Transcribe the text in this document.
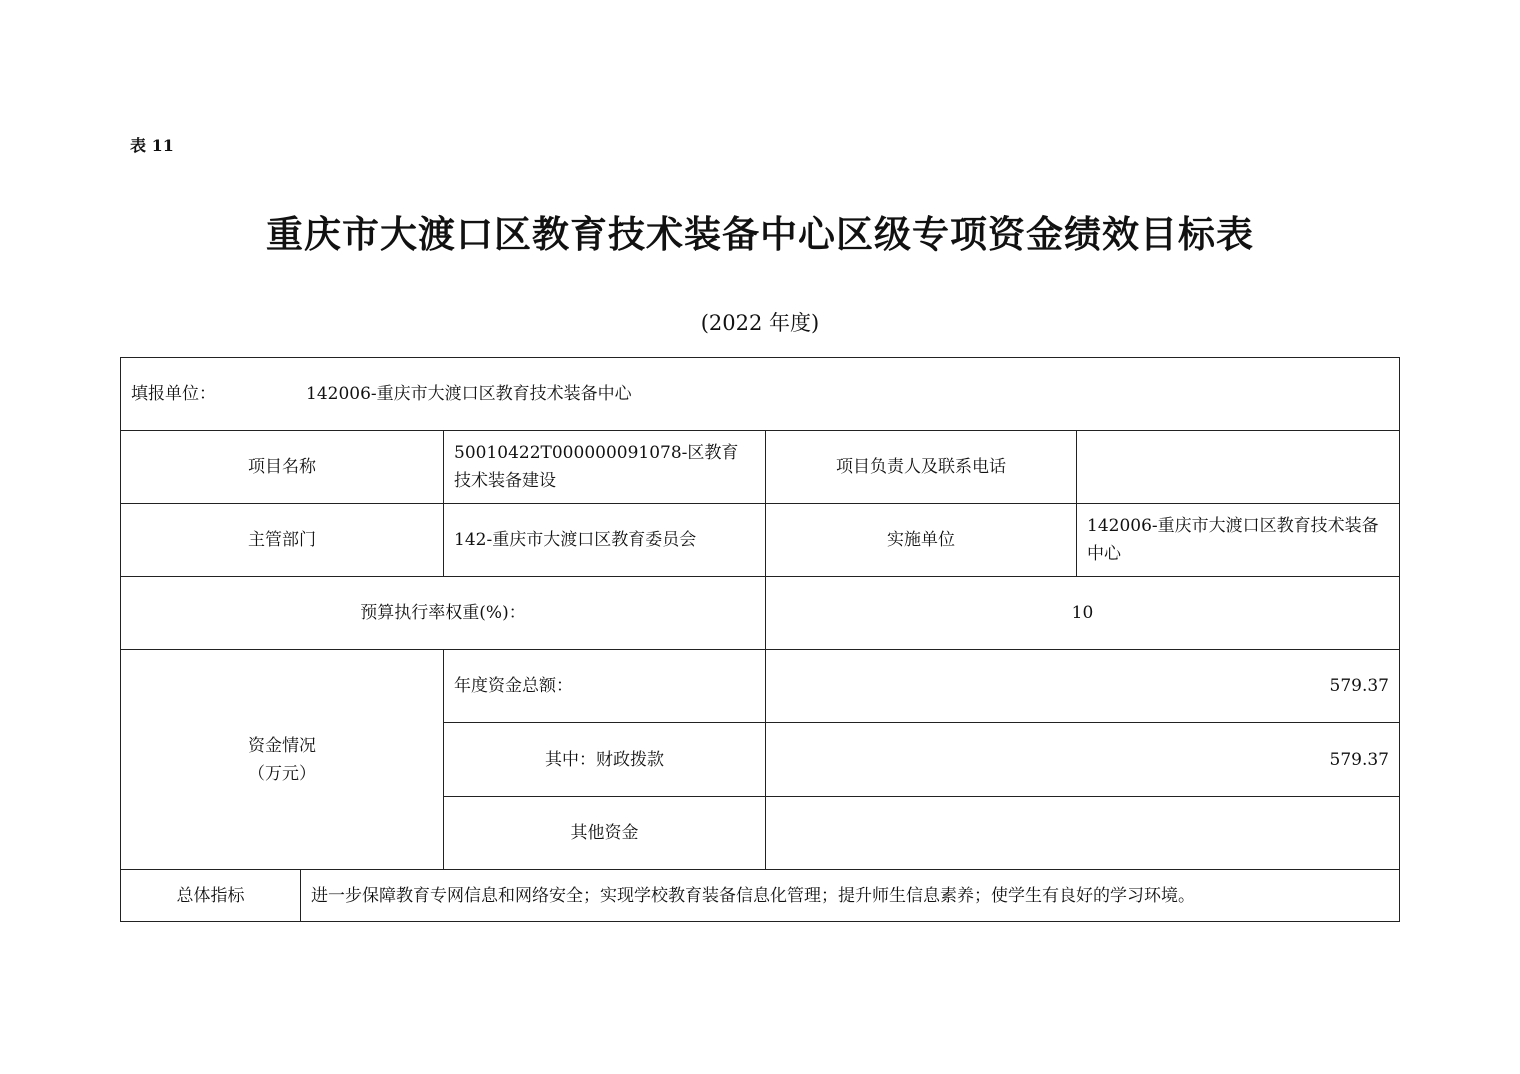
表 11
重庆市大渡口区教育技术装备中心区级专项资金绩效目标表
(2022 年度)
填报单位： 142006-重庆市大渡口区教育技术装备中心				
项目名称		50010422T000000091078-区教育技术装备建设	项目负责人及联系电话	
主管部门		142-重庆市大渡口区教育委员会	实施单位	142006-重庆市大渡口区教育技术装备中心
预算执行率权重(%)：			10	

资金情况
（万元）		年度资金总额：	579.37	
		其中：财政拨款	579.37	
		其他资金		
总体指标	进一步保障教育专网信息和网络安全；实现学校教育装备信息化管理；提升师生信息素养；使学生有良好的学习环境。			
